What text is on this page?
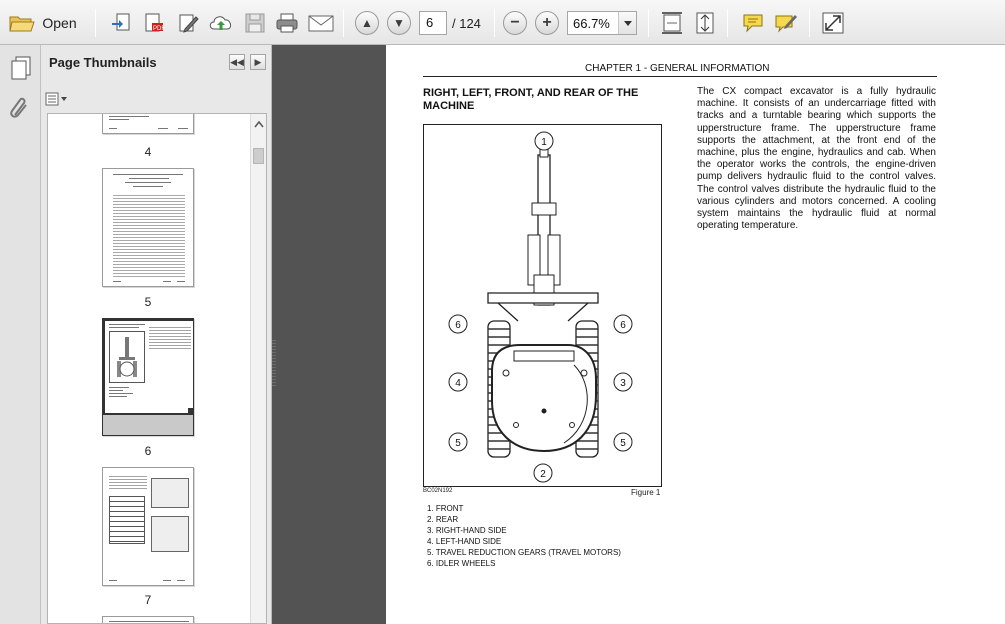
Open	PDF	▲ ▼	6	/ 124 − + 66.7%
Page Thumbnails	◀◀ ▶
4
5
6
7
CHAPTER 1 - GENERAL INFORMATION
RIGHT, LEFT, FRONT, AND REAR OF THE MACHINE
The CX compact excavator is a fully hydraulic machine. It consists of an undercarriage fitted with tracks and a turntable bearing which supports the upperstructure frame. The upperstructure frame supports the attachment, at the front end of the machine, plus the engine, hydraulics and cab. When the operator works the controls, the engine-driven pump delivers hydraulic fluid to the control valves. The control valves distribute the hydraulic fluid to the various cylinders and motors concerned. A cooling system maintains the hydraulic fluid at normal operating temperature.
1
2
6	6
4	3
5	5
BC02N192	Figure 1
1. FRONT
2. REAR
3. RIGHT-HAND SIDE
4. LEFT-HAND SIDE
5. TRAVEL REDUCTION GEARS (TRAVEL MOTORS)
6. IDLER WHEELS
